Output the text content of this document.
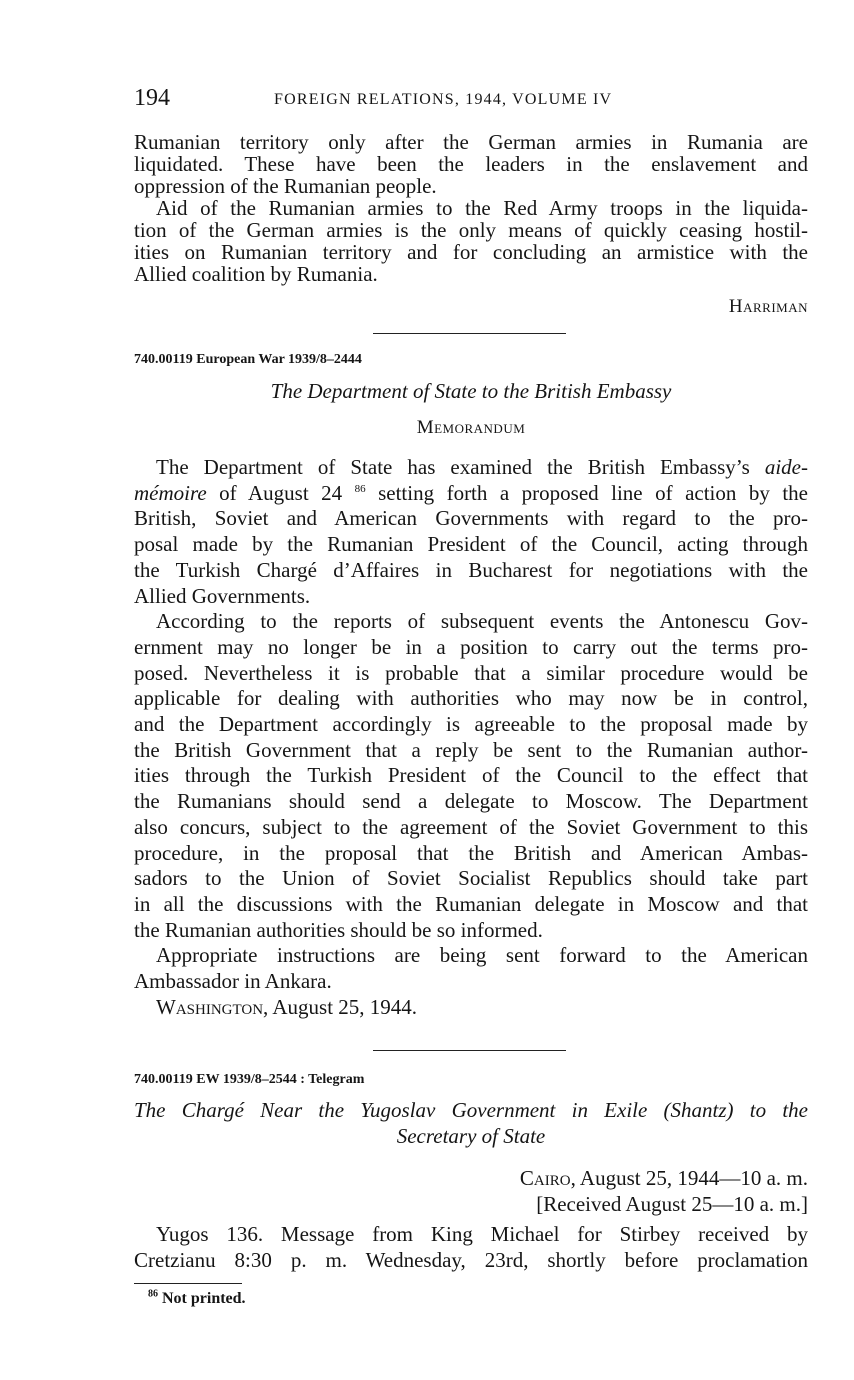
194	FOREIGN RELATIONS, 1944, VOLUME IV
Rumanian territory only after the German armies in Rumania are
liquidated. These have been the leaders in the enslavement and
oppression of the Rumanian people.
Aid of the Rumanian armies to the Red Army troops in the liquida-
tion of the German armies is the only means of quickly ceasing hostil-
ities on Rumanian territory and for concluding an armistice with the
Allied coalition by Rumania.
Harriman
740.00119 European War 1939/8–2444
The Department of State to the British Embassy
Memorandum
The Department of State has examined the British Embassy’s aide-
mémoire of August 24 $^{86}$ setting forth a proposed line of action by the
British, Soviet and American Governments with regard to the pro-
posal made by the Rumanian President of the Council, acting through
the Turkish Chargé d’Affaires in Bucharest for negotiations with the
Allied Governments.
According to the reports of subsequent events the Antonescu Gov-
ernment may no longer be in a position to carry out the terms pro-
posed. Nevertheless it is probable that a similar procedure would be
applicable for dealing with authorities who may now be in control,
and the Department accordingly is agreeable to the proposal made by
the British Government that a reply be sent to the Rumanian author-
ities through the Turkish President of the Council to the effect that
the Rumanians should send a delegate to Moscow. The Department
also concurs, subject to the agreement of the Soviet Government to this
procedure, in the proposal that the British and American Ambas-
sadors to the Union of Soviet Socialist Republics should take part
in all the discussions with the Rumanian delegate in Moscow and that
the Rumanian authorities should be so informed.
Appropriate instructions are being sent forward to the American
Ambassador in Ankara.
Washington, August 25, 1944.
740.00119 EW 1939/8–2544 : Telegram
The Chargé Near the Yugoslav Government in Exile (Shantz) to the
Secretary of State
Cairo, August 25, 1944—10 a. m.
[Received August 25—10 a. m.]
Yugos 136. Message from King Michael for Stirbey received by
Cretzianu 8:30 p. m. Wednesday, 23rd, shortly before proclamation
$^{86}$ Not printed.
